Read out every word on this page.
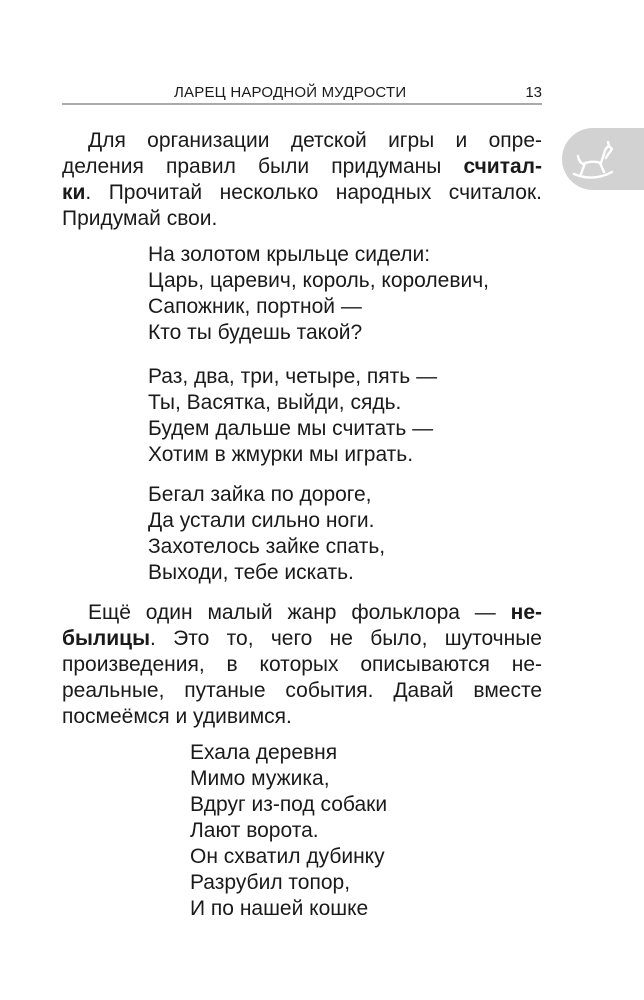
ЛАРЕЦ НАРОДНОЙ МУДРОСТИ	13
Для организации детской игры и опре-
деления правил были придуманы считал-
ки. Прочитай несколько народных считалок.
Придумай свои.
На золотом крыльце сидели:
Царь, царевич, король, королевич,
Сапожник, портной —
Кто ты будешь такой?
Раз, два, три, четыре, пять —
Ты, Васятка, выйди, сядь.
Будем дальше мы считать —
Хотим в жмурки мы играть.
Бегал зайка по дороге,
Да устали сильно ноги.
Захотелось зайке спать,
Выходи, тебе искать.
Ещё один малый жанр фольклора — не-
былицы. Это то, чего не было, шуточные
произведения, в которых описываются не-
реальные, путаные события. Давай вместе
посмеёмся и удивимся.
Ехала деревня
Мимо мужика,
Вдруг из-под собаки
Лают ворота.
Он схватил дубинку
Разрубил топор,
И по нашей кошке
